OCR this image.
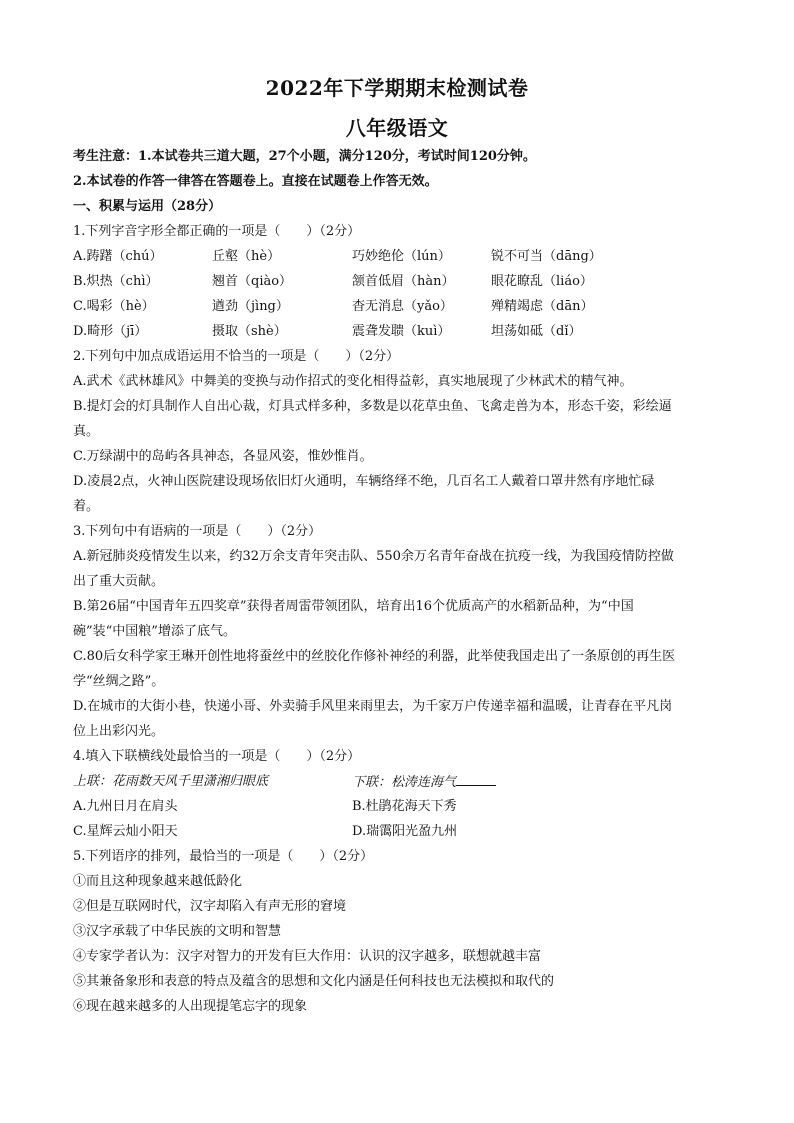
2022年下学期期末检测试卷
八年级语文
考生注意：1.本试卷共三道大题，27个小题，满分120分，考试时间120分钟。
2.本试卷的作答一律答在答题卷上。直接在试题卷上作答无效。
一、积累与运用（28分）
1.下列字音字形全都正确的一项是（　　）（2分）
A.踌躇（chú）	丘壑（hè）	巧妙绝伦（lún）	锐不可当（dāng）
B.炽热（chì）	翘首（qiào）	颔首低眉（hàn）	眼花瞭乱（liáo）
C.喝彩（hè）	遒劲（jìng）	杳无消息（yǎo）	殚精竭虑（dān）
D.畸形（jī）	摄取（shè）	震聋发聩（kuì）	坦荡如砥（dǐ）
2.下列句中加点成语运用不恰当的一项是（　　）（2分）
A.武术《武林雄风》中舞美的变换与动作招式的变化相得益彰，真实地展现了少林武术的精气神。
B.提灯会的灯具制作人自出心裁，灯具式样多种，多数是以花草虫鱼、飞禽走兽为本，形态千姿，彩绘逼
真。
C.万绿湖中的岛屿各具神态，各显风姿，惟妙惟肖。
D.凌晨2点，火神山医院建设现场依旧灯火通明，车辆络绎不绝，几百名工人戴着口罩井然有序地忙碌
着。
3.下列句中有语病的一项是（　　）（2分）
A.新冠肺炎疫情发生以来，约32万余支青年突击队、550余万名青年奋战在抗疫一线，为我国疫情防控做
出了重大贡献。
B.第26届“中国青年五四奖章”获得者周雷带领团队，培育出16个优质高产的水稻新品种，为“中国
碗”装“中国粮”增添了底气。
C.80后女科学家王琳开创性地将蚕丝中的丝胶化作修补神经的利器，此举使我国走出了一条原创的再生医
学“丝绸之路”。
D.在城市的大街小巷，快递小哥、外卖骑手风里来雨里去，为千家万户传递幸福和温暖，让青春在平凡岗
位上出彩闪光。
4.填入下联横线处最恰当的一项是（　　）（2分）
上联：花雨数天风千里潇湘归眼底	下联：松涛连海气
A.九州日月在肩头	B.杜鹃花海天下秀
C.星辉云灿小阳天	D.瑞霭阳光盈九州
5.下列语序的排列，最恰当的一项是（　　）（2分）
①而且这种现象越来越低龄化
②但是互联网时代，汉字却陷入有声无形的窘境
③汉字承载了中华民族的文明和智慧
④专家学者认为：汉字对智力的开发有巨大作用：认识的汉字越多，联想就越丰富
⑤其兼备象形和表意的特点及蕴含的思想和文化内涵是任何科技也无法模拟和取代的
⑥现在越来越多的人出现提笔忘字的现象
